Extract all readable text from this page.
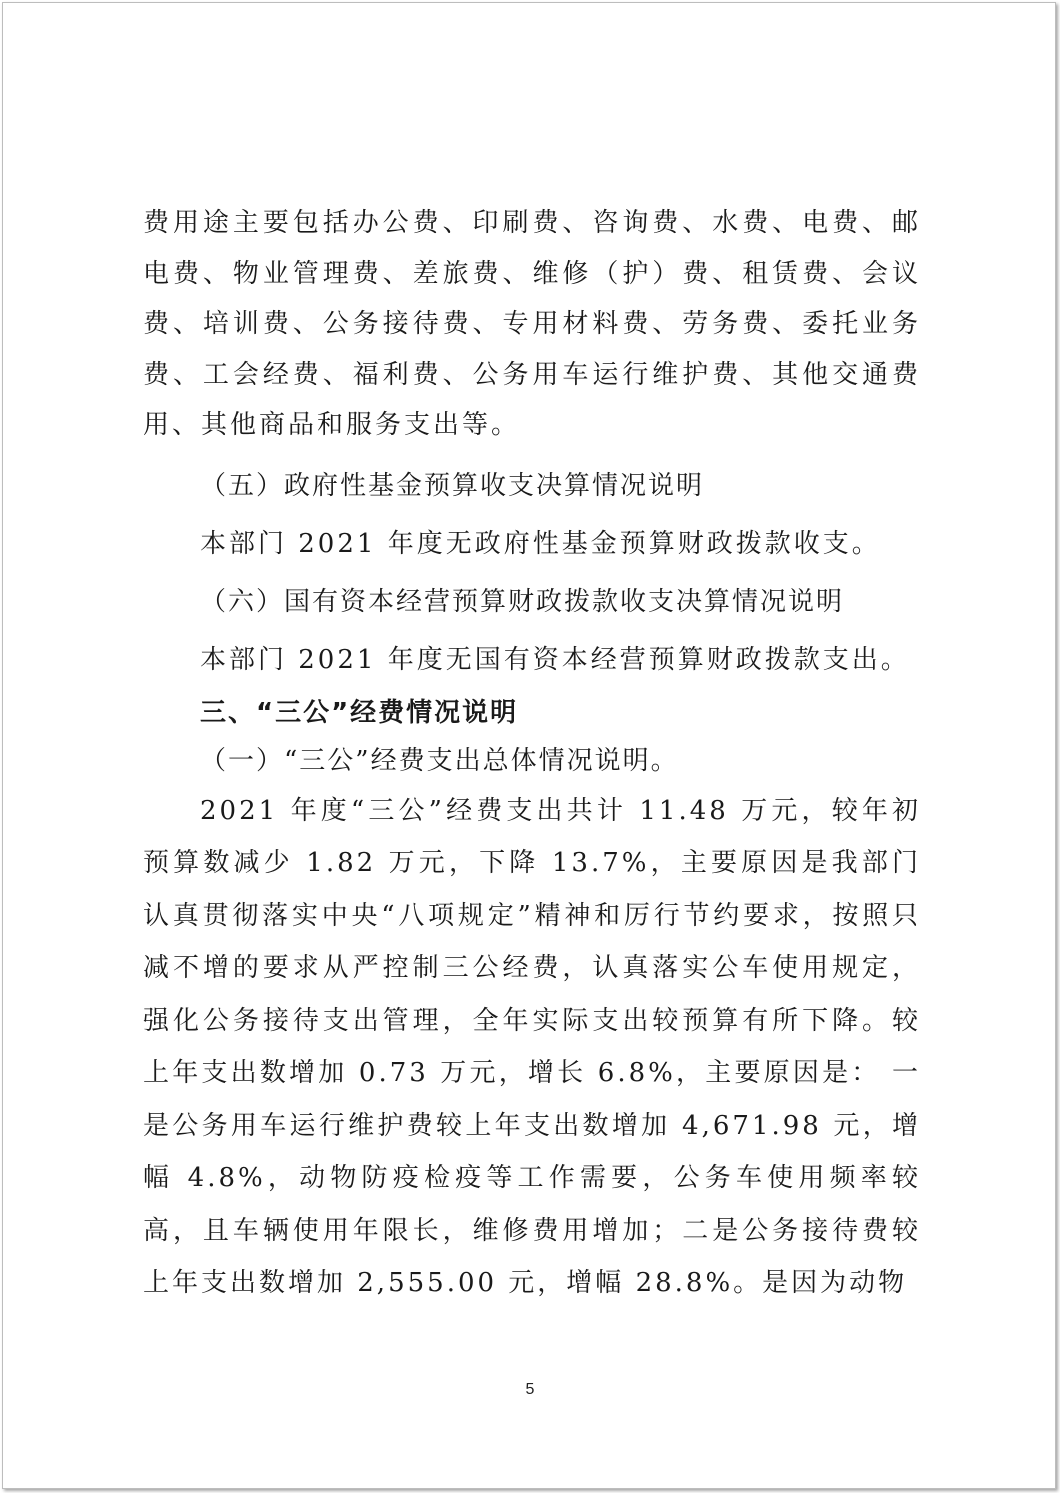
费用途主要包括办公费、印刷费、咨询费、水费、电费、邮电费、物业管理费、差旅费、维修（护）费、租赁费、会议费、培训费、公务接待费、专用材料费、劳务费、委托业务费、工会经费、福利费、公务用车运行维护费、其他交通费用、其他商品和服务支出等。

（五）政府性基金预算收支决算情况说明
本部门 2021 年度无政府性基金预算财政拨款收支。
（六）国有资本经营预算财政拨款收支决算情况说明
本部门 2021 年度无国有资本经营预算财政拨款支出。
三、“三公”经费情况说明
（一）“三公”经费支出总体情况说明。

2021 年度“三公”经费支出共计 11.48 万元，较年初预算数减少 1.82 万元，下降 13.7%，主要原因是我部门认真贯彻落实中央“八项规定”精神和厉行节约要求，按照只减不增的要求从严控制三公经费，认真落实公车使用规定，强化公务接待支出管理，全年实际支出较预算有所下降。较上年支出数增加 0.73 万元，增长 6.8%，主要原因是： 一是公务用车运行维护费较上年支出数增加 4,671.98 元，增幅 4.8%，动物防疫检疫等工作需要，公务车使用频率较高，且车辆使用年限长，维修费用增加；二是公务接待费较上年支出数增加 2,555.00 元，增幅 28.8%。是因为动物

5
